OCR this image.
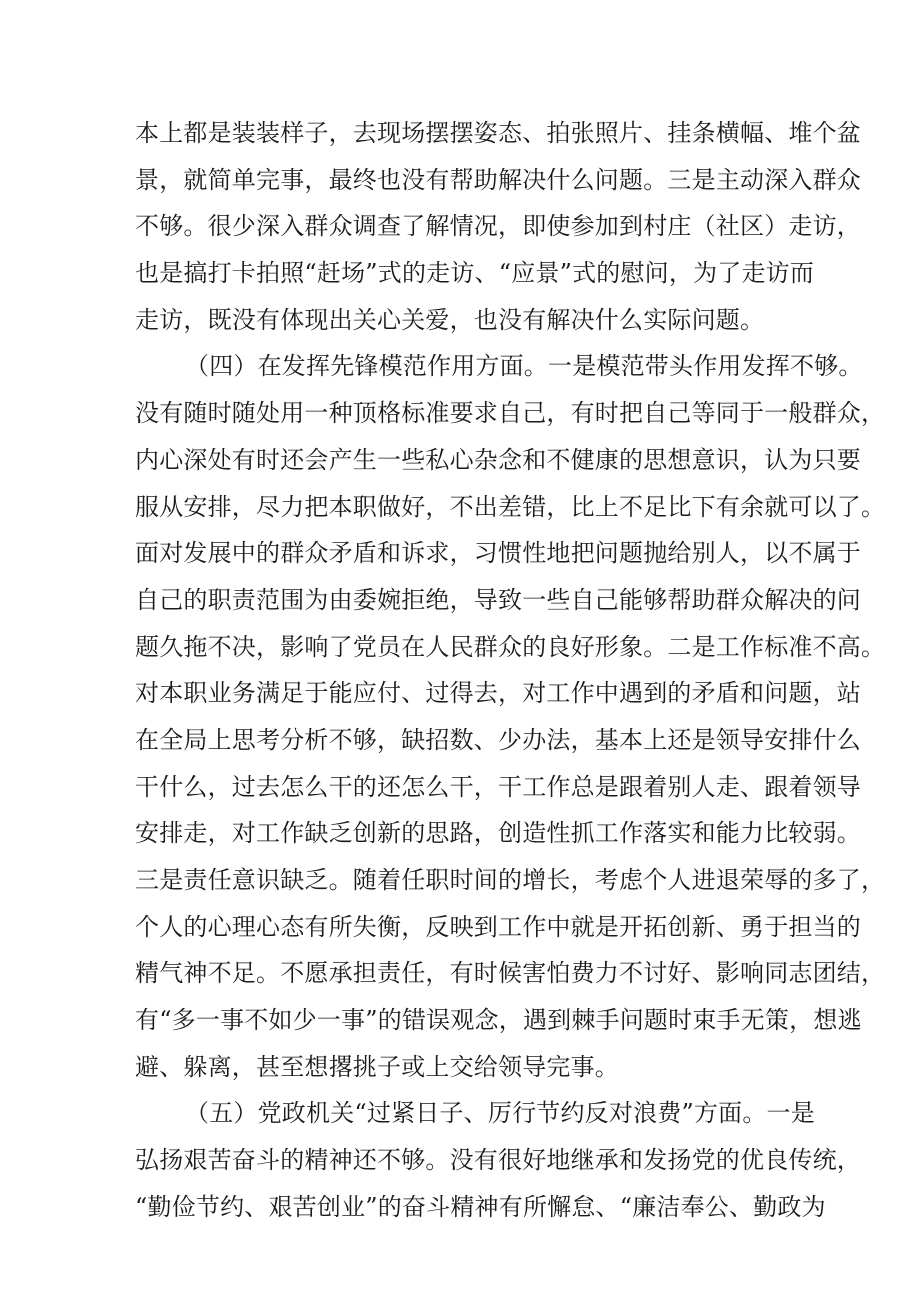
本上都是装装样子，去现场摆摆姿态、拍张照片、挂条横幅、堆个盆
景，就简单完事，最终也没有帮助解决什么问题。三是主动深入群众
不够。很少深入群众调查了解情况，即使参加到村庄（社区）走访，
也是搞打卡拍照“赶场”式的走访、“应景”式的慰问，为了走访而
走访，既没有体现出关心关爱，也没有解决什么实际问题。
（四）在发挥先锋模范作用方面。一是模范带头作用发挥不够。
没有随时随处用一种顶格标准要求自己，有时把自己等同于一般群众，
内心深处有时还会产生一些私心杂念和不健康的思想意识，认为只要
服从安排，尽力把本职做好，不出差错，比上不足比下有余就可以了。
面对发展中的群众矛盾和诉求，习惯性地把问题抛给别人，以不属于
自己的职责范围为由委婉拒绝，导致一些自己能够帮助群众解决的问
题久拖不决，影响了党员在人民群众的良好形象。二是工作标准不高。
对本职业务满足于能应付、过得去，对工作中遇到的矛盾和问题，站
在全局上思考分析不够，缺招数、少办法，基本上还是领导安排什么
干什么，过去怎么干的还怎么干，干工作总是跟着别人走、跟着领导
安排走，对工作缺乏创新的思路，创造性抓工作落实和能力比较弱。
三是责任意识缺乏。随着任职时间的增长，考虑个人进退荣辱的多了，
个人的心理心态有所失衡，反映到工作中就是开拓创新、勇于担当的
精气神不足。不愿承担责任，有时候害怕费力不讨好、影响同志团结，
有“多一事不如少一事”的错误观念，遇到棘手问题时束手无策，想逃
避、躲离，甚至想撂挑子或上交给领导完事。
（五）党政机关“过紧日子、厉行节约反对浪费”方面。一是
弘扬艰苦奋斗的精神还不够。没有很好地继承和发扬党的优良传统，
“勤俭节约、艰苦创业”的奋斗精神有所懈怠、“廉洁奉公、勤政为
